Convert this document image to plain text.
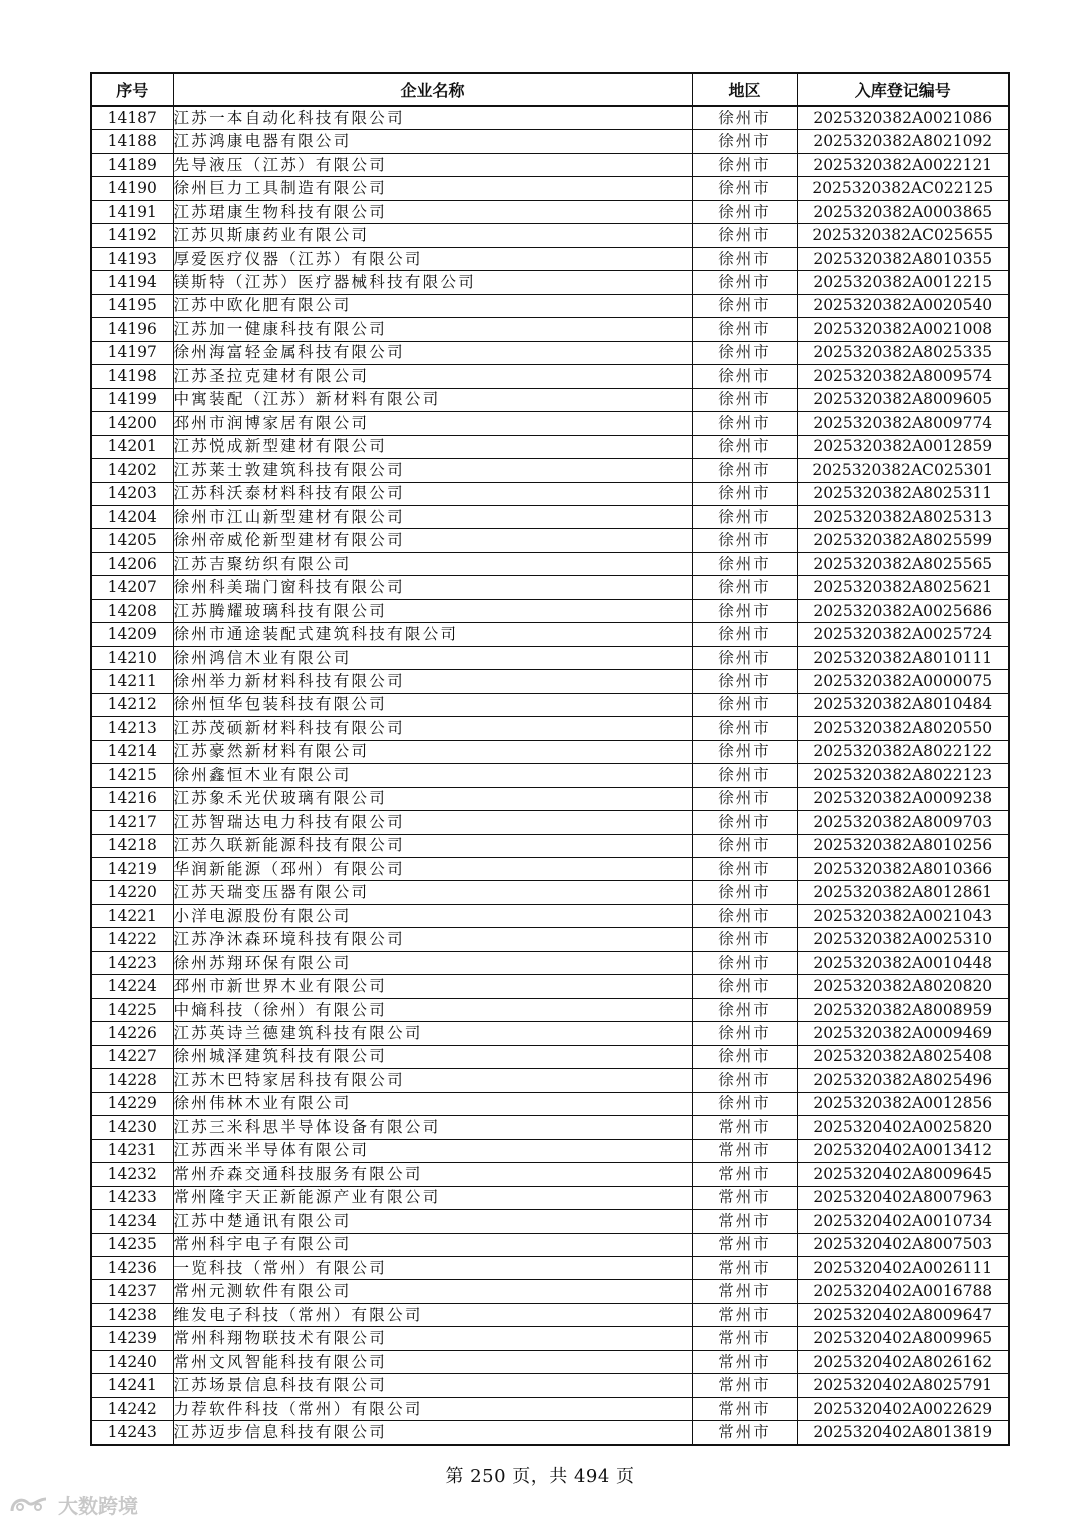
序号	企业名称	地区	入库登记编号
14187	江苏一本自动化科技有限公司	徐州市	2025320382A0021086
14188	江苏鸿康电器有限公司	徐州市	2025320382A8021092
14189	先导液压（江苏）有限公司	徐州市	2025320382A0022121
14190	徐州巨力工具制造有限公司	徐州市	2025320382AC022125
14191	江苏珺康生物科技有限公司	徐州市	2025320382A0003865
14192	江苏贝斯康药业有限公司	徐州市	2025320382AC025655
14193	厚爱医疗仪器（江苏）有限公司	徐州市	2025320382A8010355
14194	镁斯特（江苏）医疗器械科技有限公司	徐州市	2025320382A0012215
14195	江苏中欧化肥有限公司	徐州市	2025320382A0020540
14196	江苏加一健康科技有限公司	徐州市	2025320382A0021008
14197	徐州海富轻金属科技有限公司	徐州市	2025320382A8025335
14198	江苏圣拉克建材有限公司	徐州市	2025320382A8009574
14199	中寓装配（江苏）新材料有限公司	徐州市	2025320382A8009605
14200	邳州市润博家居有限公司	徐州市	2025320382A8009774
14201	江苏悦成新型建材有限公司	徐州市	2025320382A0012859
14202	江苏莱士敦建筑科技有限公司	徐州市	2025320382AC025301
14203	江苏科沃泰材料科技有限公司	徐州市	2025320382A8025311
14204	徐州市江山新型建材有限公司	徐州市	2025320382A8025313
14205	徐州帝威伦新型建材有限公司	徐州市	2025320382A8025599
14206	江苏吉聚纺织有限公司	徐州市	2025320382A8025565
14207	徐州科美瑞门窗科技有限公司	徐州市	2025320382A8025621
14208	江苏腾耀玻璃科技有限公司	徐州市	2025320382A0025686
14209	徐州市通途装配式建筑科技有限公司	徐州市	2025320382A0025724
14210	徐州鸿信木业有限公司	徐州市	2025320382A8010111
14211	徐州举力新材料科技有限公司	徐州市	2025320382A0000075
14212	徐州恒华包装科技有限公司	徐州市	2025320382A8010484
14213	江苏茂硕新材料科技有限公司	徐州市	2025320382A8020550
14214	江苏豪然新材料有限公司	徐州市	2025320382A8022122
14215	徐州鑫恒木业有限公司	徐州市	2025320382A8022123
14216	江苏象禾光伏玻璃有限公司	徐州市	2025320382A0009238
14217	江苏智瑞达电力科技有限公司	徐州市	2025320382A8009703
14218	江苏久联新能源科技有限公司	徐州市	2025320382A8010256
14219	华润新能源（邳州）有限公司	徐州市	2025320382A8010366
14220	江苏天瑞变压器有限公司	徐州市	2025320382A8012861
14221	小洋电源股份有限公司	徐州市	2025320382A0021043
14222	江苏净沐森环境科技有限公司	徐州市	2025320382A0025310
14223	徐州苏翔环保有限公司	徐州市	2025320382A0010448
14224	邳州市新世界木业有限公司	徐州市	2025320382A8020820
14225	中熵科技（徐州）有限公司	徐州市	2025320382A8008959
14226	江苏英诗兰德建筑科技有限公司	徐州市	2025320382A0009469
14227	徐州城泽建筑科技有限公司	徐州市	2025320382A8025408
14228	江苏木巴特家居科技有限公司	徐州市	2025320382A8025496
14229	徐州伟林木业有限公司	徐州市	2025320382A0012856
14230	江苏三米科思半导体设备有限公司	常州市	2025320402A0025820
14231	江苏西米半导体有限公司	常州市	2025320402A0013412
14232	常州乔森交通科技服务有限公司	常州市	2025320402A8009645
14233	常州隆宇天正新能源产业有限公司	常州市	2025320402A8007963
14234	江苏中楚通讯有限公司	常州市	2025320402A0010734
14235	常州科宇电子有限公司	常州市	2025320402A8007503
14236	一览科技（常州）有限公司	常州市	2025320402A0026111
14237	常州元测软件有限公司	常州市	2025320402A0016788
14238	维发电子科技（常州）有限公司	常州市	2025320402A8009647
14239	常州科翔物联技术有限公司	常州市	2025320402A8009965
14240	常州文风智能科技有限公司	常州市	2025320402A8026162
14241	江苏场景信息科技有限公司	常州市	2025320402A8025791
14242	力荐软件科技（常州）有限公司	常州市	2025320402A0022629
14243	江苏迈步信息科技有限公司	常州市	2025320402A8013819
第 250 页，共 494 页
大数跨境
